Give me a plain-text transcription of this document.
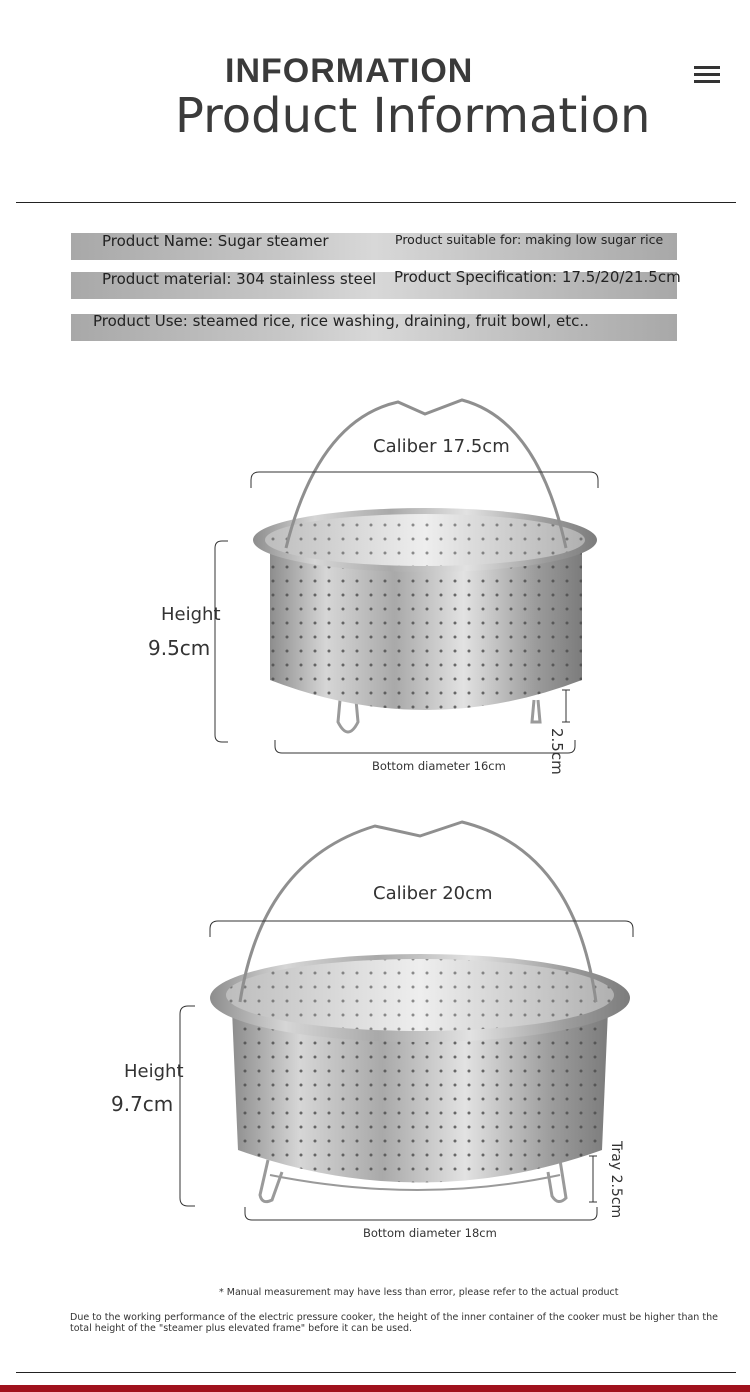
INFORMATION
Product Information
Product Name: Sugar steamer	Product suitable for: making low sugar rice
Product material: 304 stainless steel Product Specification: 17.5/20/21.5cm
Product Use: steamed rice, rice washing, draining, fruit bowl, etc..
Caliber 17.5cm
Height
9.5cm
2.5cm
Bottom diameter 16cm
Caliber 20cm
Height
9.7cm
Tray 2.5cm
Bottom diameter 18cm
* Manual measurement may have less than error, please refer to the actual product
Due to the working performance of the electric pressure cooker, the height of the inner container of the cooker must be higher than the total height of the "steamer plus elevated frame" before it can be used.
